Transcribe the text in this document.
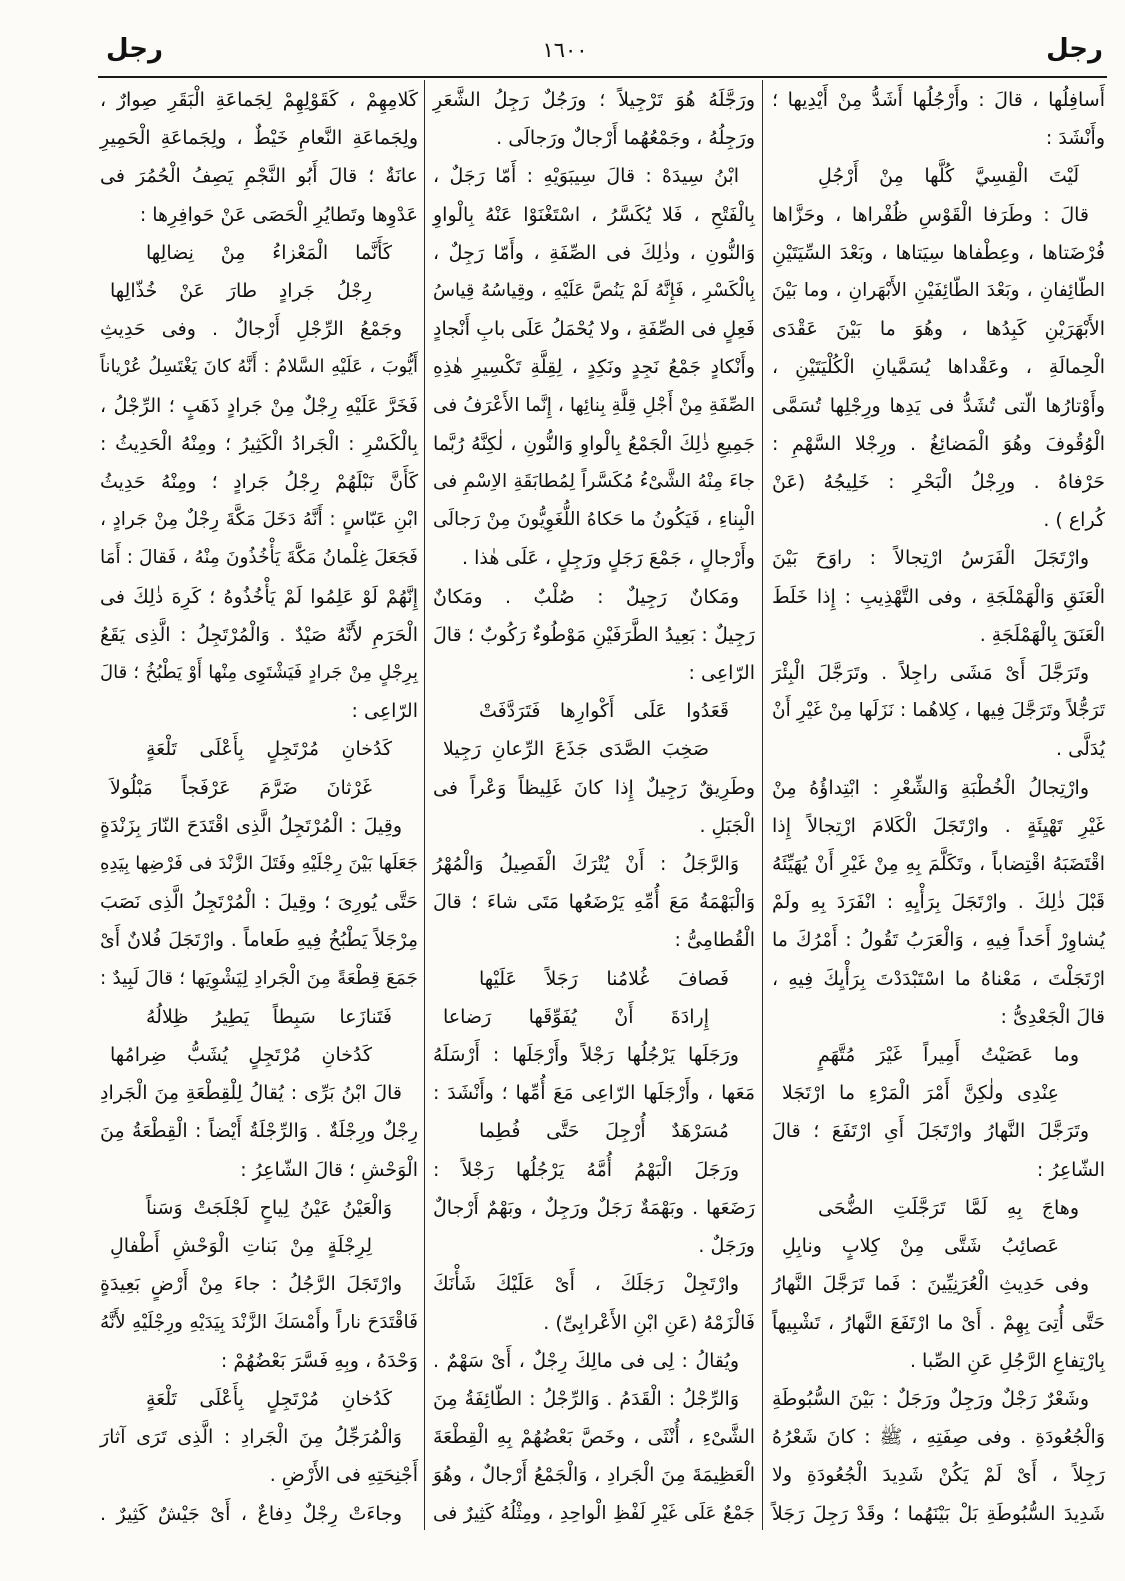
رجل
١٦٠٠
رجل
أَسافِلُها ، قالَ : وأَرْجُلُها أَشَدُّ مِنْ أَيْدِيها ؛
وأَنْشَدَ :
لَيْتَ الْقِسِيَّ كُلَّها مِنْ أَرْجُلِ
قالَ : وطَرَفا الْقَوْسِ ظُفْراها ، وحَزَّاها
فُرْضَتاها ، وعِطْفاها سِيَتاها ، وبَعْدَ السِّيَتَيْنِ
الطّائِفانِ ، وبَعْدَ الطّائِفَيْنِ الأَبْهَرانِ ، وما بَيْنَ
الأَبْهَرَيْنِ كَبِدُها ، وهُوَ ما بَيْنَ عَقْدَى
الْحِمالَةِ ، وعَقْداها يُسَمَّيانِ الْكُلْيَتَيْنِ ،
وأَوْتارُها الّتى تُشَدُّ فى يَدِها ورِجْلِها تُسَمَّى
الْوُقُوفَ وهُوَ الْمَضائِغُ . ورِجْلا السَّهْمِ :
حَرْفاهُ . ورِجْلُ الْبَحْرِ : خَلِيجُهُ (عَنْ
كُراع ) .
وارْتَجَلَ الْفَرَسُ ارْتِجالاً : راوَحَ بَيْنَ
الْعَنَقِ وَالْهَمْلَجَةِ ، وفى التَّهْذِيبِ : إِذا خَلَطَ
الْعَنَقَ بِالْهَمْلَجَةِ .
وتَرَجَّلَ أَىْ مَشَى راجِلاً . وتَرَجَّلَ الْبِئْرَ
تَرَجُّلاً وتَرَجَّلَ فِيها ، كِلاهُما : نَزَلَها مِنْ غَيْرِ أَنْ
يُدَلَّى .
وارْتِجالُ الْخُطْبَةِ وَالشِّعْرِ : ابْتِداؤُهُ مِنْ
غَيْرِ تَهْيِئَةٍ . وارْتَجَلَ الْكَلامَ ارْتِجالاً إِذا
اقْتَضَبَهُ اقْتِضاباً ، وتَكَلَّمَ بِهِ مِنْ غَيْرِ أَنْ يُهَيِّئَهُ
قَبْلَ ذٰلِكَ . وارْتَجَلَ بِرَأْيِهِ : انْفَرَدَ بِهِ ولَمْ
يُشاوِرْ أَحَداً فِيهِ ، وَالْعَرَبُ تَقُولُ : أَمْرُكَ ما
ارْتَجَلْتَ ، مَعْناهُ ما اسْتَبْدَدْتَ بِرَأْيِكَ فِيهِ ،
قالَ الْجَعْدِىُّ :
وما عَصَيْتُ أَمِيراً غَيْرَ مُتَّهَمٍ
عِنْدِى ولٰكِنَّ أَمْرَ الْمَرْءِ ما ارْتَجَلا
وتَرَجَّلَ النَّهارُ وارْتَجَلَ أَىِ ارْتَفَعَ ؛ قالَ
الشّاعِرُ :
وهاجَ بِهِ لَمَّا تَرَجَّلَتِ الضُّحَى
عَصائِبُ شَتَّى مِنْ كِلابٍ ونابِلِ
وفى حَدِيثِ الْعُرَنِيِّينَ : فَما تَرَجَّلَ النَّهارُ
حَتَّى أُتِىَ بِهِمْ . أَىْ ما ارْتَفَعَ النَّهارُ ، تَشْبِيهاً
بِارْتِفاعِ الرَّجُلِ عَنِ الصِّبا .
وشَعْرٌ رَجْلٌ ورَجِلٌ ورَجَلٌ : بَيْنَ السُّبُوطَةِ
وَالْجُعُودَةِ . وفى صِفَتِهِ ، ﷺ : كانَ شَعْرُهُ
رَجِلاً ، أَىْ لَمْ يَكُنْ شَدِيدَ الْجُعُودَةِ ولا
شَدِيدَ السُّبُوطَةِ بَلْ بَيْنَهُما ؛ وقَدْ رَجِلَ رَجَلاً
ورَجَّلَهُ هُوَ تَرْجِيلاً ؛ ورَجُلٌ رَجِلُ الشَّعَرِ
ورَجِلُهُ ، وجَمْعُهُما أَرْجالٌ ورَجالَى .
ابْنُ سِيدَهْ : قالَ سِيبَوَيْهِ : أَمّا رَجَلٌ ،
بِالْفَتْحِ ، فَلا يُكَسَّرُ ، اسْتَغْنَوْا عَنْهُ بِالْواوِ
وَالنُّونِ ، وذٰلِكَ فى الصِّفَةِ ، وأَمّا رَجِلٌ ،
بِالْكَسْرِ ، فَإِنَّهُ لَمْ يَنُصَّ عَلَيْهِ ، وقِياسُهُ قِياسُ
فَعِلٍ فى الصِّفَةِ ، ولا يُحْمَلُ عَلَى بابِ أَنْجادٍ
وأَنْكادٍ جَمْعُ نَجِدٍ ونَكِدٍ ، لِقِلَّةِ تَكْسِيرِ هٰذِهِ
الصِّفَةِ مِنْ أَجْلِ قِلَّةِ بِنائِها ، إِنَّما الأَعْرَفُ فى
جَمِيعِ ذٰلِكَ الْجَمْعُ بِالْواوِ وَالنُّونِ ، لٰكِنَّهُ رُبَّما
جاءَ مِنْهُ الشَّىْءُ مُكَسَّراً لِمُطابَقَةِ الاِسْمِ فى
الْبِناءِ ، فَيَكُونُ ما حَكاهُ اللُّغَوِيُّونَ مِنْ رَجالَى
وأَرْجالٍ ، جَمْعَ رَجَلٍ ورَجِلٍ ، عَلَى هٰذا .
ومَكانٌ رَجِيلٌ : صُلْبٌ . ومَكانٌ
رَجِيلٌ : بَعِيدُ الطَّرَفَيْنِ مَوْطُوءٌ رَكُوبٌ ؛ قالَ
الرّاعِى :
قَعَدُوا عَلَى أَكْوارِها فَتَرَدَّفَتْ
صَخِبَ الصَّدَى جَذَعَ الرِّعانِ رَجِيلا
وطَرِيقٌ رَجِيلٌ إِذا كانَ غَلِيظاً وَعْراً فى
الْجَبَلِ .
وَالرَّجَلُ : أَنْ يُتْرَكَ الْفَصِيلُ وَالْمُهْرُ
وَالْبَهْمَةُ مَعَ أُمِّهِ يَرْضَعُها مَتَى شاءَ ؛ قالَ
الْقُطامِىُّ :
فَصافَ غُلامُنا رَجَلاً عَلَيْها
إِرادَةَ أَنْ يُفَوِّقَها رَضاعا
ورَجَلَها يَرْجُلُها رَجْلاً وأَرْجَلَها : أَرْسَلَهُ
مَعَها ، وأَرْجَلَها الرّاعِى مَعَ أُمِّها ؛ وأَنْشَدَ :
مُسَرْهَدٌ أُرْجِلَ حَتَّى فُطِما
ورَجَلَ الْبَهْمُ أُمَّهُ يَرْجُلُها رَجْلاً :
رَضَعَها . وبَهْمَةٌ رَجَلٌ ورَجِلٌ ، وبَهْمٌ أَرْجالٌ
ورَجَلٌ .
وارْتَجِلْ رَجَلَكَ ، أَىْ عَلَيْكَ شَأْنَكَ
فَالْزَمْهُ (عَنِ ابْنِ الأَعْرابِىِّ) .
ويُقالُ : لِى فى مالِكَ رِجْلٌ ، أَىْ سَهْمٌ .
وَالرِّجْلُ : الْقَدَمُ . وَالرِّجْلُ : الطّائِفَةُ مِنَ
الشَّىْءِ ، أُنْثَى ، وخَصَّ بَعْضُهُمْ بِهِ الْقِطْعَةَ
الْعَظِيمَةَ مِنَ الْجَرادِ ، وَالْجَمْعُ أَرْجالٌ ، وهُوَ
جَمْعٌ عَلَى غَيْرِ لَفْظِ الْواحِدِ ، ومِثْلُهُ كَثِيرٌ فى
كَلامِهِمْ ، كَقَوْلِهِمْ لِجَماعَةِ الْبَقَرِ صِوارٌ ،
ولِجَماعَةِ النَّعامِ خَيْطٌ ، ولِجَماعَةِ الْحَمِيرِ
عانَةٌ ؛ قالَ أَبُو النَّجْمِ يَصِفُ الْحُمُرَ فى
عَدْوِها وتَطايُرِ الْحَصَى عَنْ حَوافِرِها :
كَأَنَّما الْمَعْزاءُ مِنْ نِضالِها
رِجْلُ جَرادٍ طارَ عَنْ خُذّالِها
وجَمْعُ الرِّجْلِ أَرْجالٌ . وفى حَدِيثِ
أَيُّوبَ ، عَلَيْهِ السَّلامُ : أَنَّهُ كانَ يَغْتَسِلُ عُرْياناً
فَخَرَّ عَلَيْهِ رِجْلٌ مِنْ جَرادٍ ذَهَبٍ ؛ الرِّجْلُ ،
بِالْكَسْرِ : الْجَرادُ الْكَثِيرُ ؛ ومِنْهُ الْحَدِيثُ :
كَأَنَّ نَبْلَهُمْ رِجْلُ جَرادٍ ؛ ومِنْهُ حَدِيثُ
ابْنِ عَبّاسٍ : أَنَّهُ دَخَلَ مَكَّةَ رِجْلٌ مِنْ جَرادٍ ،
فَجَعَلَ غِلْمانُ مَكَّةَ يَأْخُذُونَ مِنْهُ ، فَقالَ : أَمَا
إِنَّهُمْ لَوْ عَلِمُوا لَمْ يَأْخُذُوهُ ؛ كَرِهَ ذٰلِكَ فى
الْحَرَمِ لأَنَّهُ صَيْدٌ . وَالْمُرْتَجِلُ : الَّذِى يَقَعُ
بِرِجْلٍ مِنْ جَرادٍ فَيَشْتَوِى مِنْها أَوْ يَطْبُخُ ؛ قالَ
الرّاعِى :
كَدُخانِ مُرْتَجِلٍ بِأَعْلَى تَلْعَةٍ
غَرْثانَ ضَرَّمَ عَرْفَجاً مَبْلُولاَ
وقِيلَ : الْمُرْتَجِلُ الَّذِى اقْتَدَحَ النّارَ بِزَنْدَةٍ
جَعَلَها بَيْنَ رِجْلَيْهِ وفَتَلَ الزَّنْدَ فى فَرْضِها بِيَدِهِ
حَتَّى يُورِىَ ؛ وقِيلَ : الْمُرْتَجِلُ الَّذِى نَصَبَ
مِرْجَلاً يَطْبُخُ فِيهِ طَعاماً . وارْتَجَلَ فُلانٌ أَىْ
جَمَعَ قِطْعَةً مِنَ الْجَرادِ لِيَشْوِيَها ؛ قالَ لَبِيدٌ :
فَتَنازَعا سَبِطاً يَطِيرُ ظِلالُهُ
كَدُخانِ مُرْتَجِلٍ يُشَبُّ ضِرامُها
قالَ ابْنُ بَرِّى : يُقالُ لِلْقِطْعَةِ مِنَ الْجَرادِ
رِجْلٌ ورِجْلَةٌ . وَالرِّجْلَةُ أَيْضاً : الْقِطْعَةُ مِنَ
الْوَحْشِ ؛ قالَ الشّاعِرُ :
وَالْعَيْنُ عَيْنُ لِياحٍ لَجْلَجَتْ وَسَناً
لِرِجْلَةٍ مِنْ بَناتِ الْوَحْشِ أَطْفالِ
وارْتَجَلَ الرَّجُلُ : جاءَ مِنْ أَرْضٍ بَعِيدَةٍ
فَاقْتَدَحَ ناراً وأَمْسَكَ الزَّنْدَ بِيَدَيْهِ ورِجْلَيْهِ لأَنَّهُ
وَحْدَهُ ، وبِهِ فَسَّرَ بَعْضُهُمْ :
كَدُخانِ مُرْتَجِلٍ بِأَعْلَى تَلْعَةٍ
وَالْمُرَجِّلُ مِنَ الْجَرادِ : الَّذِى تَرَى آثارَ
أَجْنِحَتِهِ فى الأَرْضِ .
وجاءَتْ رِجْلٌ دِفاعٌ ، أَىْ جَيْشٌ كَثِيرٌ .
